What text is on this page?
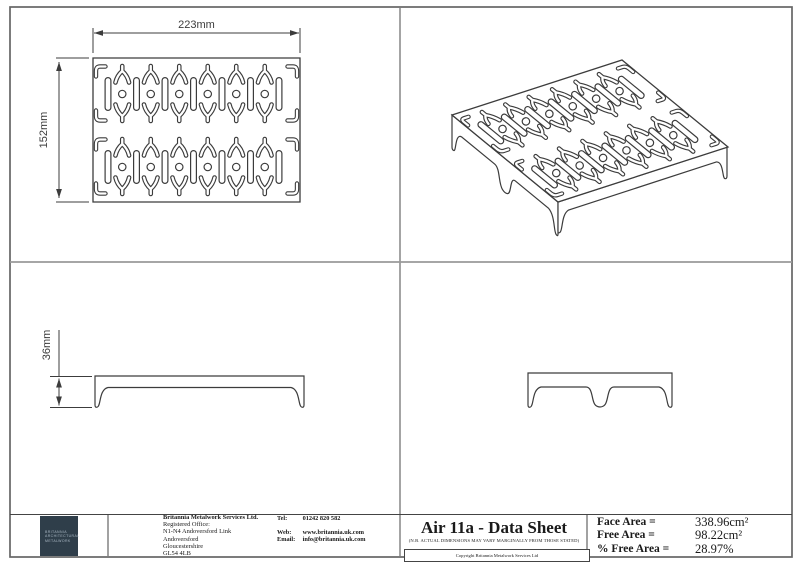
223mm
152mm
36mm
BRITANNIA
ARCHITECTURAL
METALWORK
Britannia Metalwork Services Ltd.
Registered Office:
N1-N4 Andoversford Link
Andoversford
Gloucestershire
GL54 4LB
Tel: 01242 820 582
Web: www.britannia.uk.com
Email: info@britannia.uk.com
Air 11a - Data Sheet
(N.B. ACTUAL DIMENSIONS MAY VARY MARGINALLY FROM THOSE STATED)
Copyright Britannia Metalwork Services Ltd
Face Area =	338.96cm²
Free Area =	98.22cm²
% Free Area =	28.97%
